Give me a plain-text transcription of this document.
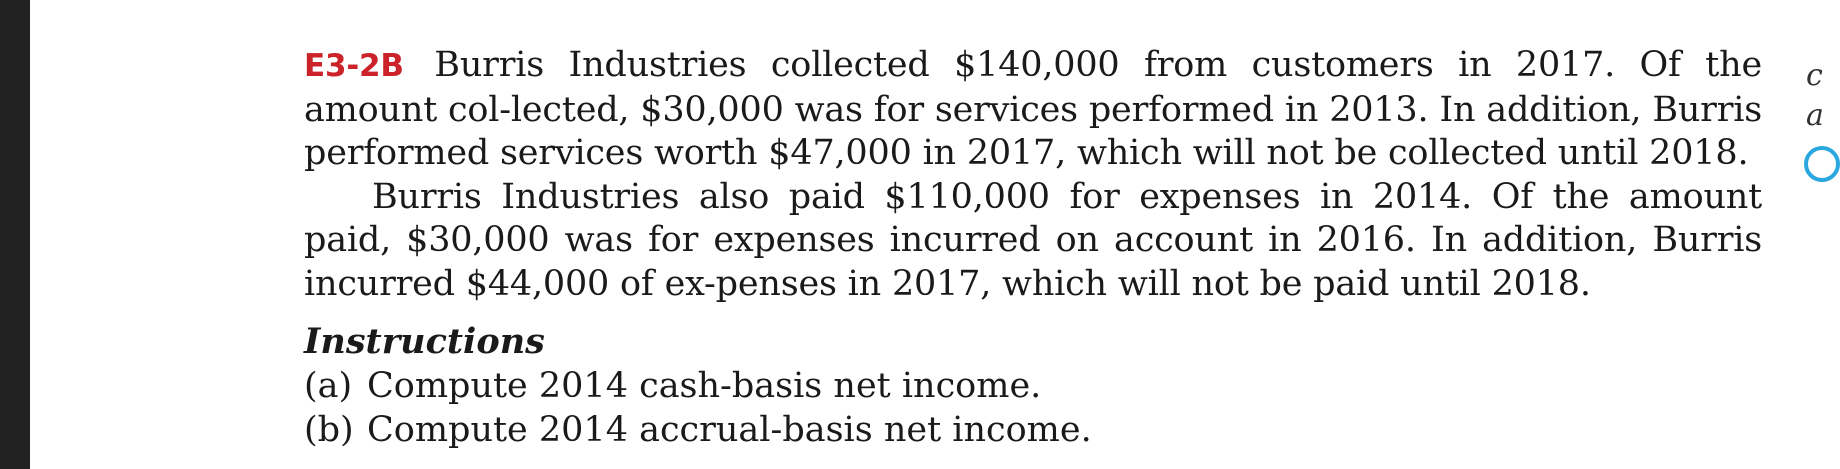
E3-2B Burris Industries collected $140,000 from customers in 2017. Of the amount col-lected, $30,000 was for services performed in 2013. In addition, Burris performed services worth $47,000 in 2017, which will not be collected until 2018.

Burris Industries also paid $110,000 for expenses in 2014. Of the amount paid, $30,000 was for expenses incurred on account in 2016. In addition, Burris incurred $44,000 of ex-penses in 2017, which will not be paid until 2018.

Instructions
(a) Compute 2014 cash-basis net income.
(b) Compute 2014 accrual-basis net income.
c
a
